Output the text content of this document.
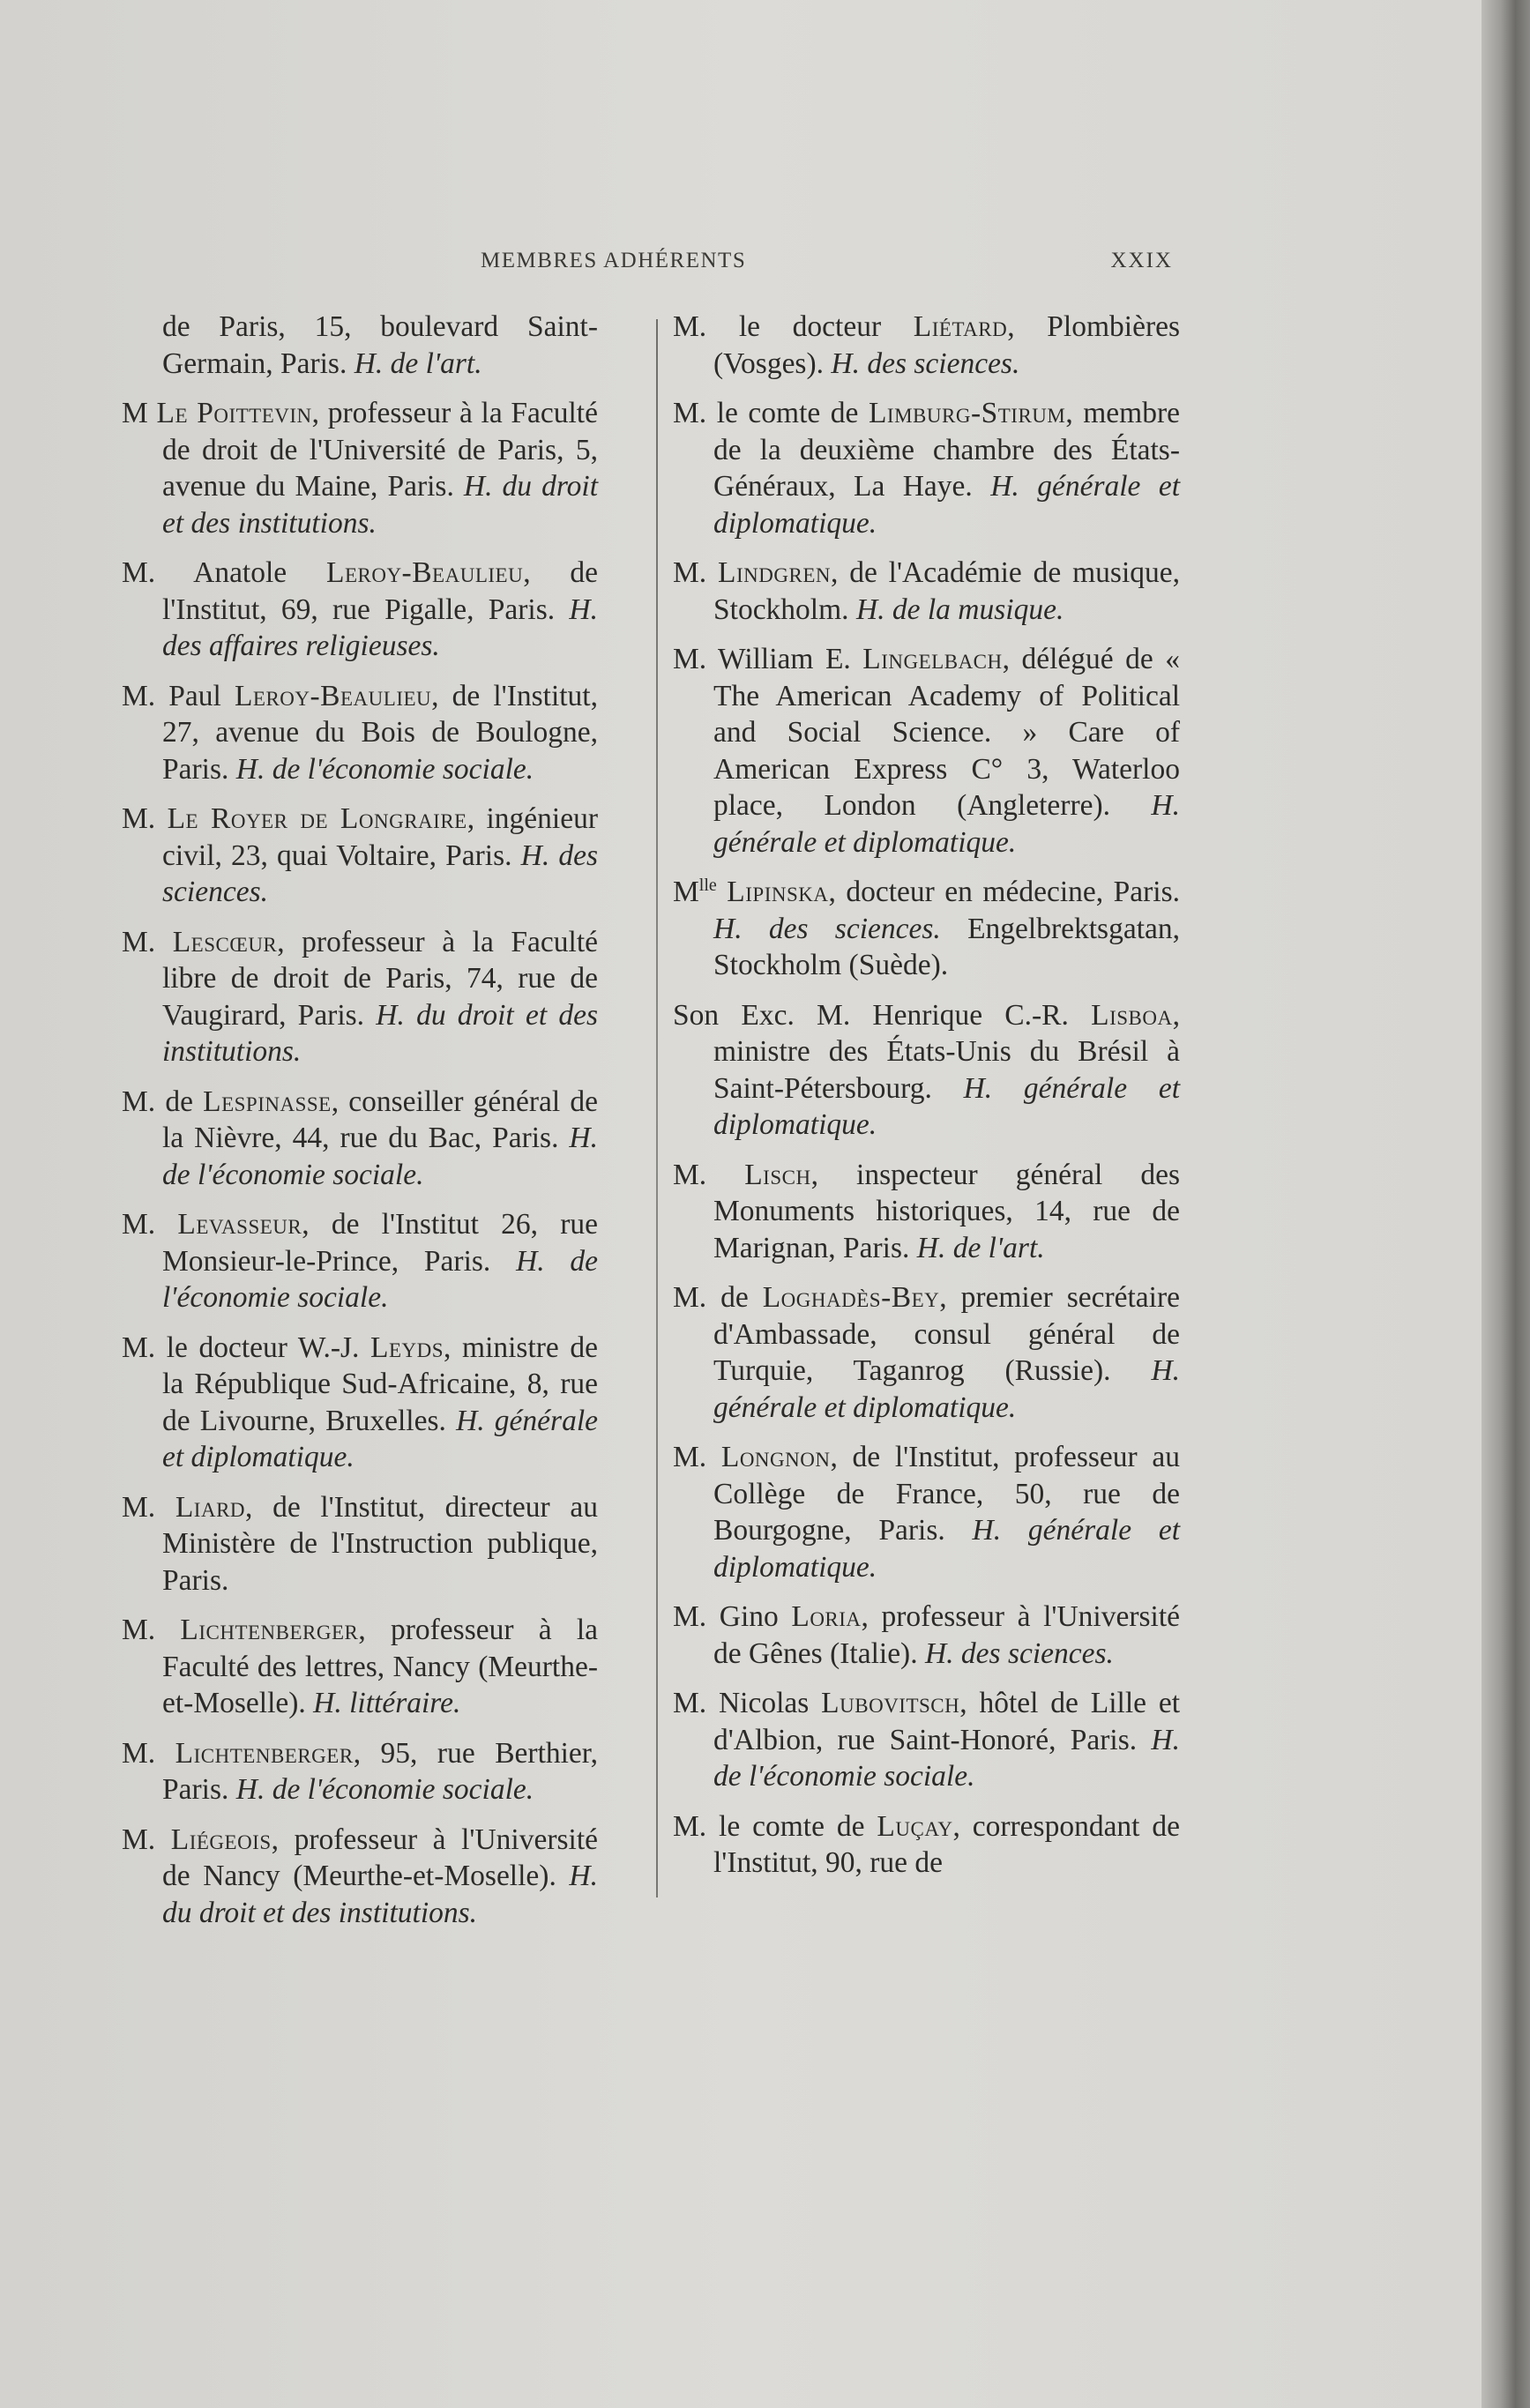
MEMBRES ADHÉRENTS	XXIX

de Paris, 15, boulevard Saint-Germain, Paris. H. de l'art.

M Le Poittevin, professeur à la Faculté de droit de l'Université de Paris, 5, avenue du Maine, Paris. H. du droit et des institutions.

M. Anatole Leroy-Beaulieu, de l'Institut, 69, rue Pigalle, Paris. H. des affaires religieuses.

M. Paul Leroy-Beaulieu, de l'Institut, 27, avenue du Bois de Boulogne, Paris. H. de l'économie sociale.

M. Le Royer de Longraire, ingénieur civil, 23, quai Voltaire, Paris. H. des sciences.

M. Lescœur, professeur à la Faculté libre de droit de Paris, 74, rue de Vaugirard, Paris. H. du droit et des institutions.

M. de Lespinasse, conseiller général de la Nièvre, 44, rue du Bac, Paris. H. de l'économie sociale.

M. Levasseur, de l'Institut 26, rue Monsieur-le-Prince, Paris. H. de l'économie sociale.

M. le docteur W.-J. Leyds, ministre de la République Sud-Africaine, 8, rue de Livourne, Bruxelles. H. générale et diplomatique.

M. Liard, de l'Institut, directeur au Ministère de l'Instruction publique, Paris.

M. Lichtenberger, professeur à la Faculté des lettres, Nancy (Meurthe-et-Moselle). H. littéraire.

M. Lichtenberger, 95, rue Berthier, Paris. H. de l'économie sociale.

M. Liégeois, professeur à l'Université de Nancy (Meurthe-et-Moselle). H. du droit et des institutions.

M. le docteur Liétard, Plombières (Vosges). H. des sciences.

M. le comte de Limburg-Stirum, membre de la deuxième chambre des États-Généraux, La Haye. H. générale et diplomatique.

M. Lindgren, de l'Académie de musique, Stockholm. H. de la musique.

M. William E. Lingelbach, délégué de « The American Academy of Political and Social Science. » Care of American Express C° 3, Waterloo place, London (Angleterre). H. générale et diplomatique.

$M^{lle}$ Lipinska, docteur en médecine, Paris. H. des sciences. Engelbrektsgatan, Stockholm (Suède).

Son Exc. M. Henrique C.-R. Lisboa, ministre des États-Unis du Brésil à Saint-Pétersbourg. H. générale et diplomatique.

M. Lisch, inspecteur général des Monuments historiques, 14, rue de Marignan, Paris. H. de l'art.

M. de Loghadès-Bey, premier secrétaire d'Ambassade, consul général de Turquie, Taganrog (Russie). H. générale et diplomatique.

M. Longnon, de l'Institut, professeur au Collège de France, 50, rue de Bourgogne, Paris. H. générale et diplomatique.

M. Gino Loria, professeur à l'Université de Gênes (Italie). H. des sciences.

M. Nicolas Lubovitsch, hôtel de Lille et d'Albion, rue Saint-Honoré, Paris. H. de l'économie sociale.

M. le comte de Luçay, correspondant de l'Institut, 90, rue de
